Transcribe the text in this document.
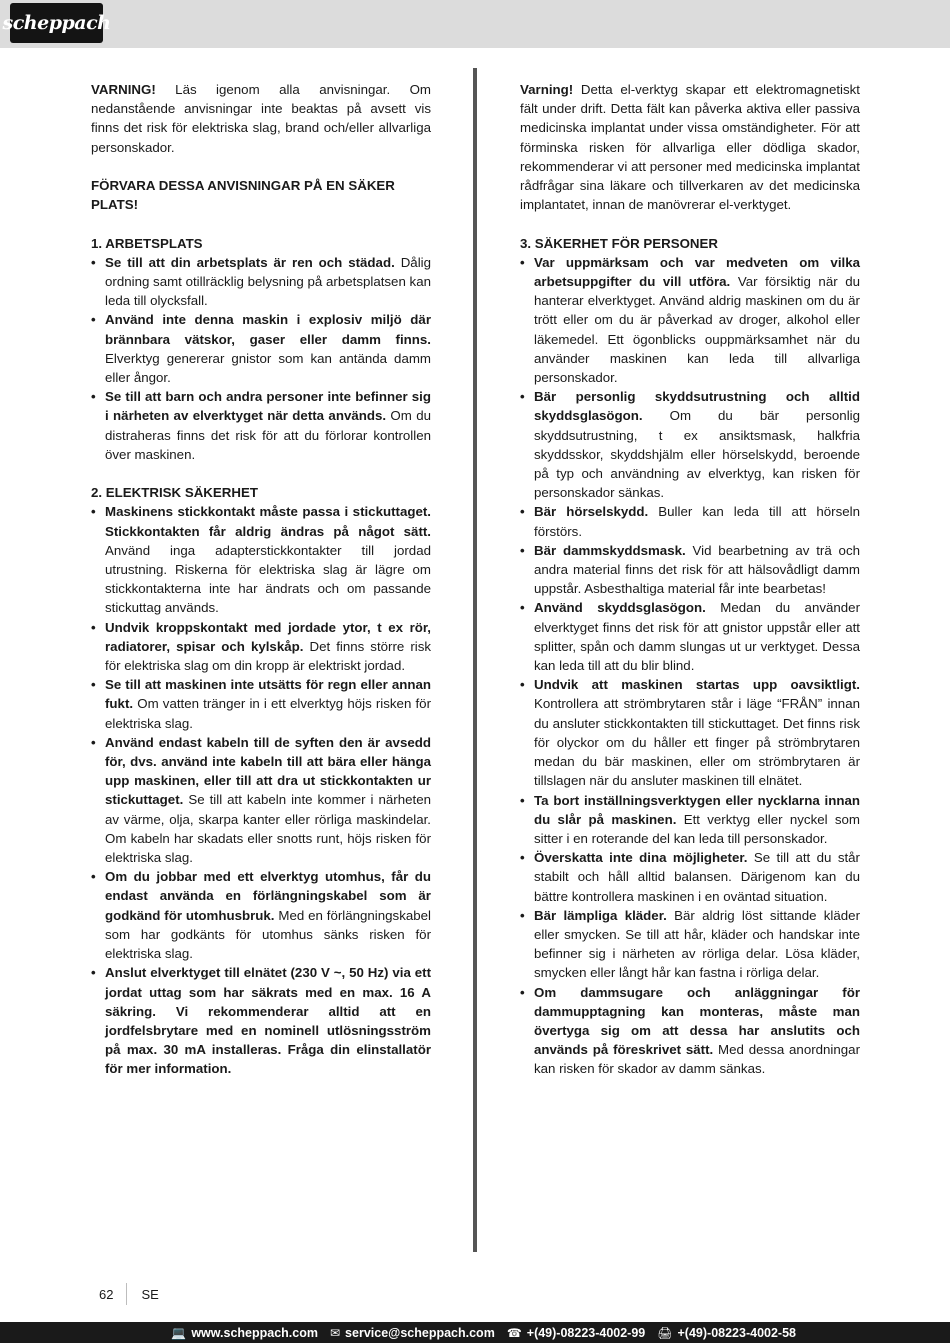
scheppach

VARNING! Läs igenom alla anvisningar. Om nedanstående anvisningar inte beaktas på avsett vis finns det risk för elektriska slag, brand och/eller allvarliga personskador.

FÖRVARA DESSA ANVISNINGAR PÅ EN SÄKER PLATS!
1. ARBETSPLATS
• Se till att din arbetsplats är ren och städad. Dålig ordning samt otillräcklig belysning på arbetsplatsen kan leda till olycksfall.
• Använd inte denna maskin i explosiv miljö där brännbara vätskor, gaser eller damm finns. Elverktyg genererar gnistor som kan antända damm eller ångor.
• Se till att barn och andra personer inte befinner sig i närheten av elverktyget när detta används. Om du distraheras finns det risk för att du förlorar kontrollen över maskinen.
2. ELEKTRISK SÄKERHET
• Maskinens stickkontakt måste passa i stickuttaget. Stickkontakten får aldrig ändras på något sätt. Använd inga adapterstickkontakter till jordad utrustning. Riskerna för elektriska slag är lägre om stickkontakterna inte har ändrats och om passande stickuttag används.
• Undvik kroppskontakt med jordade ytor, t ex rör, radiatorer, spisar och kylskåp. Det finns större risk för elektriska slag om din kropp är elektriskt jordad.
• Se till att maskinen inte utsätts för regn eller annan fukt. Om vatten tränger in i ett elverktyg höjs risken för elektriska slag.
• Använd endast kabeln till de syften den är avsedd för, dvs. använd inte kabeln till att bära eller hänga upp maskinen, eller till att dra ut stickkontakten ur stickuttaget. Se till att kabeln inte kommer i närheten av värme, olja, skarpa kanter eller rörliga maskindelar. Om kabeln har skadats eller snotts runt, höjs risken för elektriska slag.
• Om du jobbar med ett elverktyg utomhus, får du endast använda en förlängningskabel som är godkänd för utomhusbruk. Med en förlängningskabel som har godkänts för utomhus sänks risken för elektriska slag.
• Anslut elverktyget till elnätet (230 V ~, 50 Hz) via ett jordat uttag som har säkrats med en max. 16 A säkring. Vi rekommenderar alltid att en jordfelsbrytare med en nominell utlösningsström på max. 30 mA installeras. Fråga din elinstallatör för mer information.

Varning! Detta el-verktyg skapar ett elektromagnetiskt fält under drift. Detta fält kan påverka aktiva eller passiva medicinska implantat under vissa omständigheter. För att förminska risken för allvarliga eller dödliga skador, rekommenderar vi att personer med medicinska implantat rådfrågar sina läkare och tillverkaren av det medicinska implantatet, innan de manövrerar el-verktyget.

3. SÄKERHET FÖR PERSONER
• Var uppmärksam och var medveten om vilka arbetsuppgifter du vill utföra. Var försiktig när du hanterar elverktyget. Använd aldrig maskinen om du är trött eller om du är påverkad av droger, alkohol eller läkemedel. Ett ögonblicks ouppmärksamhet när du använder maskinen kan leda till allvarliga personskador.
• Bär personlig skyddsutrustning och alltid skyddsglasögon. Om du bär personlig skyddsutrustning, t ex ansiktsmask, halkfria skyddsskor, skyddshjälm eller hörselskydd, beroende på typ och användning av elverktyg, kan risken för personskador sänkas.
• Bär hörselskydd. Buller kan leda till att hörseln förstörs.
• Bär dammskyddsmask. Vid bearbetning av trä och andra material finns det risk för att hälsovådligt damm uppstår. Asbesthaltiga material får inte bearbetas!
• Använd skyddsglasögon. Medan du använder elverktyget finns det risk för att gnistor uppstår eller att splitter, spån och damm slungas ut ur verktyget. Dessa kan leda till att du blir blind.
• Undvik att maskinen startas upp oavsiktligt. Kontrollera att strömbrytaren står i läge “FRÅN” innan du ansluter stickkontakten till stickuttaget. Det finns risk för olyckor om du håller ett finger på strömbrytaren medan du bär maskinen, eller om strömbrytaren är tillslagen när du ansluter maskinen till elnätet.
• Ta bort inställningsverktygen eller nycklarna innan du slår på maskinen. Ett verktyg eller nyckel som sitter i en roterande del kan leda till personskador.
• Överskatta inte dina möjligheter. Se till att du står stabilt och håll alltid balansen. Därigenom kan du bättre kontrollera maskinen i en oväntad situation.
• Bär lämpliga kläder. Bär aldrig löst sittande kläder eller smycken. Se till att hår, kläder och handskar inte befinner sig i närheten av rörliga delar. Lösa kläder, smycken eller långt hår kan fastna i rörliga delar.
• Om dammsugare och anläggningar för dammupptagning kan monteras, måste man övertyga sig om att dessa har anslutits och används på föreskrivet sätt. Med dessa anordningar kan risken för skador av damm sänkas.
62 SE
💻 www.scheppach.com ✉ service@scheppach.com ☎ +(49)-08223-4002-99 🖨 +(49)-08223-4002-58
